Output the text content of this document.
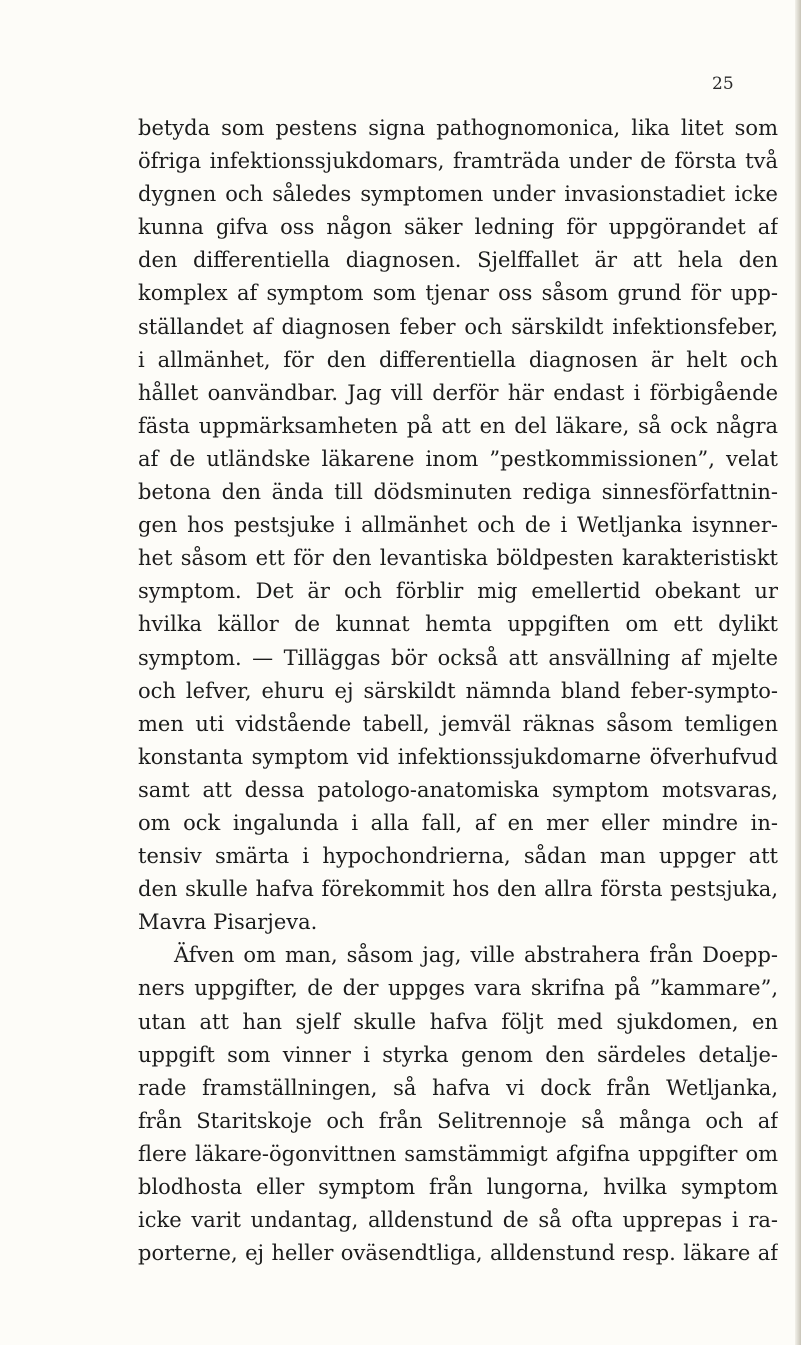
25
betyda som pestens signa pathognomonica, lika litet som
öfriga infektionssjukdomars, framträda under de första två
dygnen och således symptomen under invasionstadiet icke
kunna gifva oss någon säker ledning för uppgörandet af
den differentiella diagnosen. Sjelffallet är att hela den
komplex af symptom som tjenar oss såsom grund för upp-
ställandet af diagnosen feber och särskildt infektionsfeber,
i allmänhet, för den differentiella diagnosen är helt och
hållet oanvändbar. Jag vill derför här endast i förbigående
fästa uppmärksamheten på att en del läkare, så ock några
af de utländske läkarene inom ”pestkommissionen”, velat
betona den ända till dödsminuten rediga sinnesförfattnin-
gen hos pestsjuke i allmänhet och de i Wetljanka isynner-
het såsom ett för den levantiska böldpesten karakteristiskt
symptom. Det är och förblir mig emellertid obekant ur
hvilka källor de kunnat hemta uppgiften om ett dylikt
symptom. — Tilläggas bör också att ansvällning af mjelte
och lefver, ehuru ej särskildt nämnda bland feber-sympto-
men uti vidstående tabell, jemväl räknas såsom temligen
konstanta symptom vid infektionssjukdomarne öfverhufvud
samt att dessa patologo-anatomiska symptom motsvaras,
om ock ingalunda i alla fall, af en mer eller mindre in-
tensiv smärta i hypochondrierna, sådan man uppger att
den skulle hafva förekommit hos den allra första pestsjuka,
Mavra Pisarjeva.
Äfven om man, såsom jag, ville abstrahera från Doepp-
ners uppgifter, de der uppges vara skrifna på ”kammare”,
utan att han sjelf skulle hafva följt med sjukdomen, en
uppgift som vinner i styrka genom den särdeles detalje-
rade framställningen, så hafva vi dock från Wetljanka,
från Staritskoje och från Selitrennoje så många och af
flere läkare-ögonvittnen samstämmigt afgifna uppgifter om
blodhosta eller symptom från lungorna, hvilka symptom
icke varit undantag, alldenstund de så ofta upprepas i ra-
porterne, ej heller oväsendtliga, alldenstund resp. läkare af
